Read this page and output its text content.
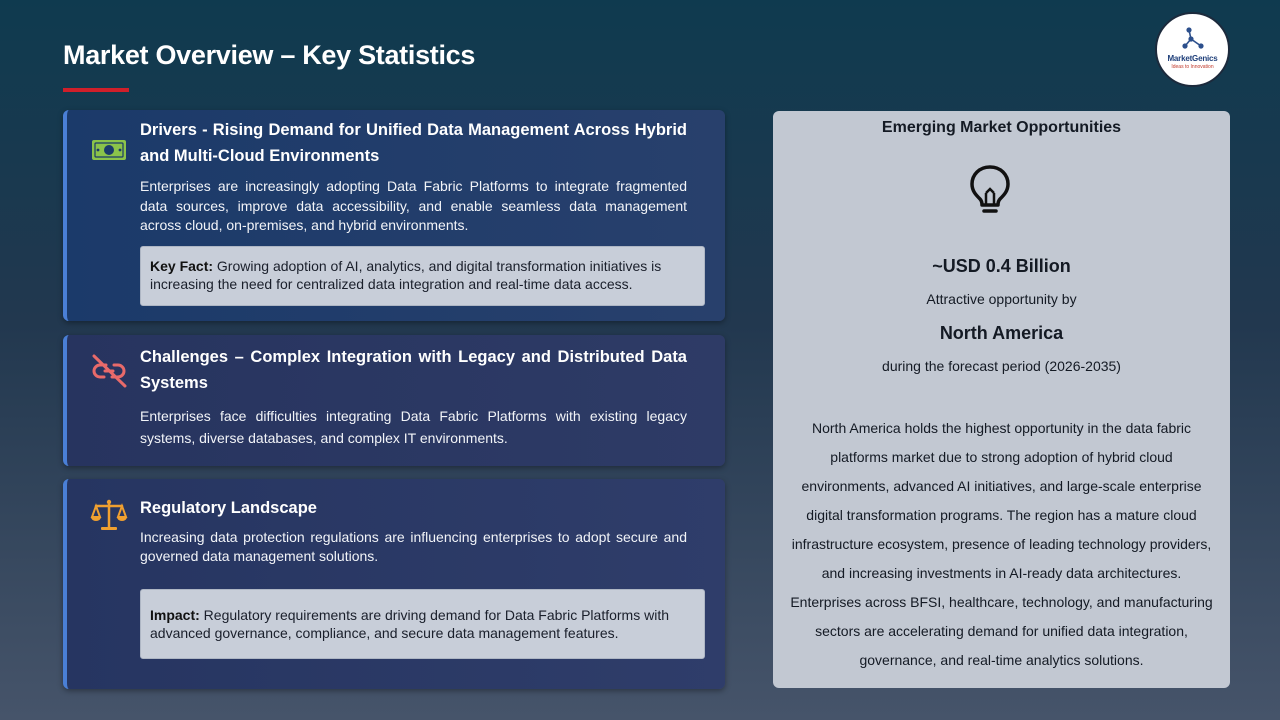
Market Overview – Key Statistics	MarketGenics
Ideas to Innovation
Drivers - Rising Demand for Unified Data Management Across Hybrid and Multi-Cloud Environments
Enterprises are increasingly adopting Data Fabric Platforms to integrate fragmented data sources, improve data accessibility, and enable seamless data management across cloud, on-premises, and hybrid environments.
Key Fact: Growing adoption of AI, analytics, and digital transformation initiatives is increasing the need for centralized data integration and real-time data access.
Challenges – Complex Integration with Legacy and Distributed Data Systems
Enterprises face difficulties integrating Data Fabric Platforms with existing legacy systems, diverse databases, and complex IT environments.
Regulatory Landscape
Increasing data protection regulations are influencing enterprises to adopt secure and governed data management solutions.
Impact: Regulatory requirements are driving demand for Data Fabric Platforms with advanced governance, compliance, and secure data management features.
Emerging Market Opportunities
~USD 0.4 Billion
Attractive opportunity by
North America
during the forecast period (2026-2035)
North America holds the highest opportunity in the data fabric platforms market due to strong adoption of hybrid cloud environments, advanced AI initiatives, and large-scale enterprise digital transformation programs. The region has a mature cloud infrastructure ecosystem, presence of leading technology providers, and increasing investments in AI-ready data architectures. Enterprises across BFSI, healthcare, technology, and manufacturing sectors are accelerating demand for unified data integration, governance, and real-time analytics solutions.
